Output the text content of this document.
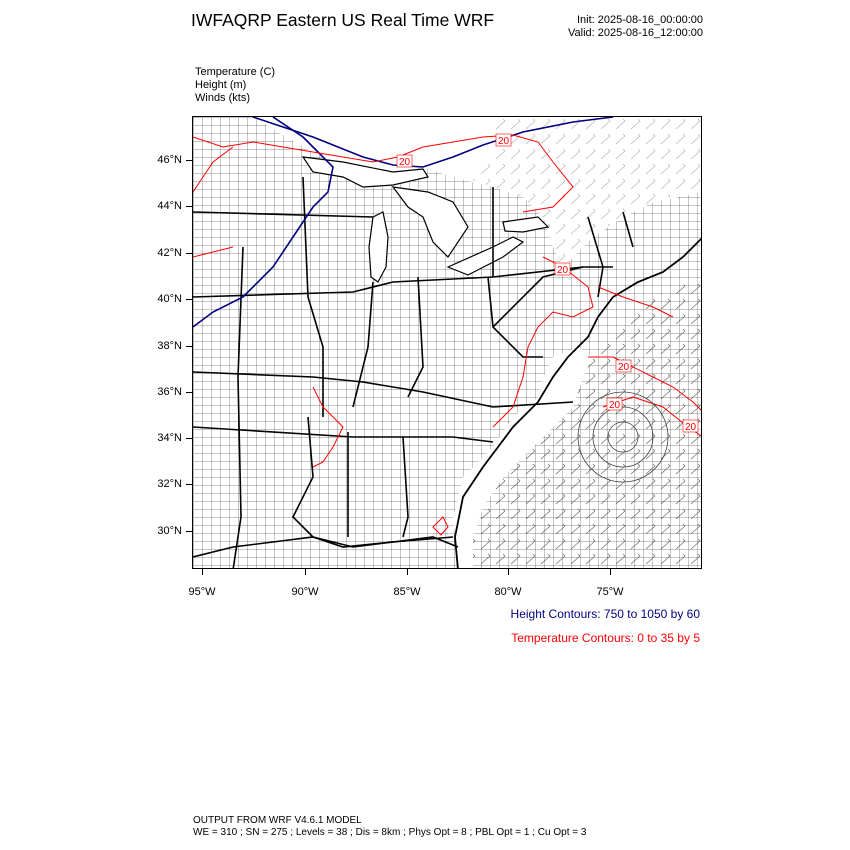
IWFAQRP Eastern US Real Time WRF	Init: 2025-08-16_00:00:00
Valid: 2025-08-16_12:00:00
Temperature (C)
Height (m)
Winds (kts)
46°N
44°N
42°N
40°N
38°N
36°N
34°N
32°N
30°N
95°W	90°W	85°W	80°W	75°W
20
20
20
20
20
20
Height Contours: 750 to 1050 by 60
Temperature Contours: 0 to 35 by 5
OUTPUT FROM WRF V4.6.1 MODEL
WE = 310 ; SN = 275 ; Levels = 38 ; Dis = 8km ; Phys Opt = 8 ; PBL Opt = 1 ; Cu Opt = 3
